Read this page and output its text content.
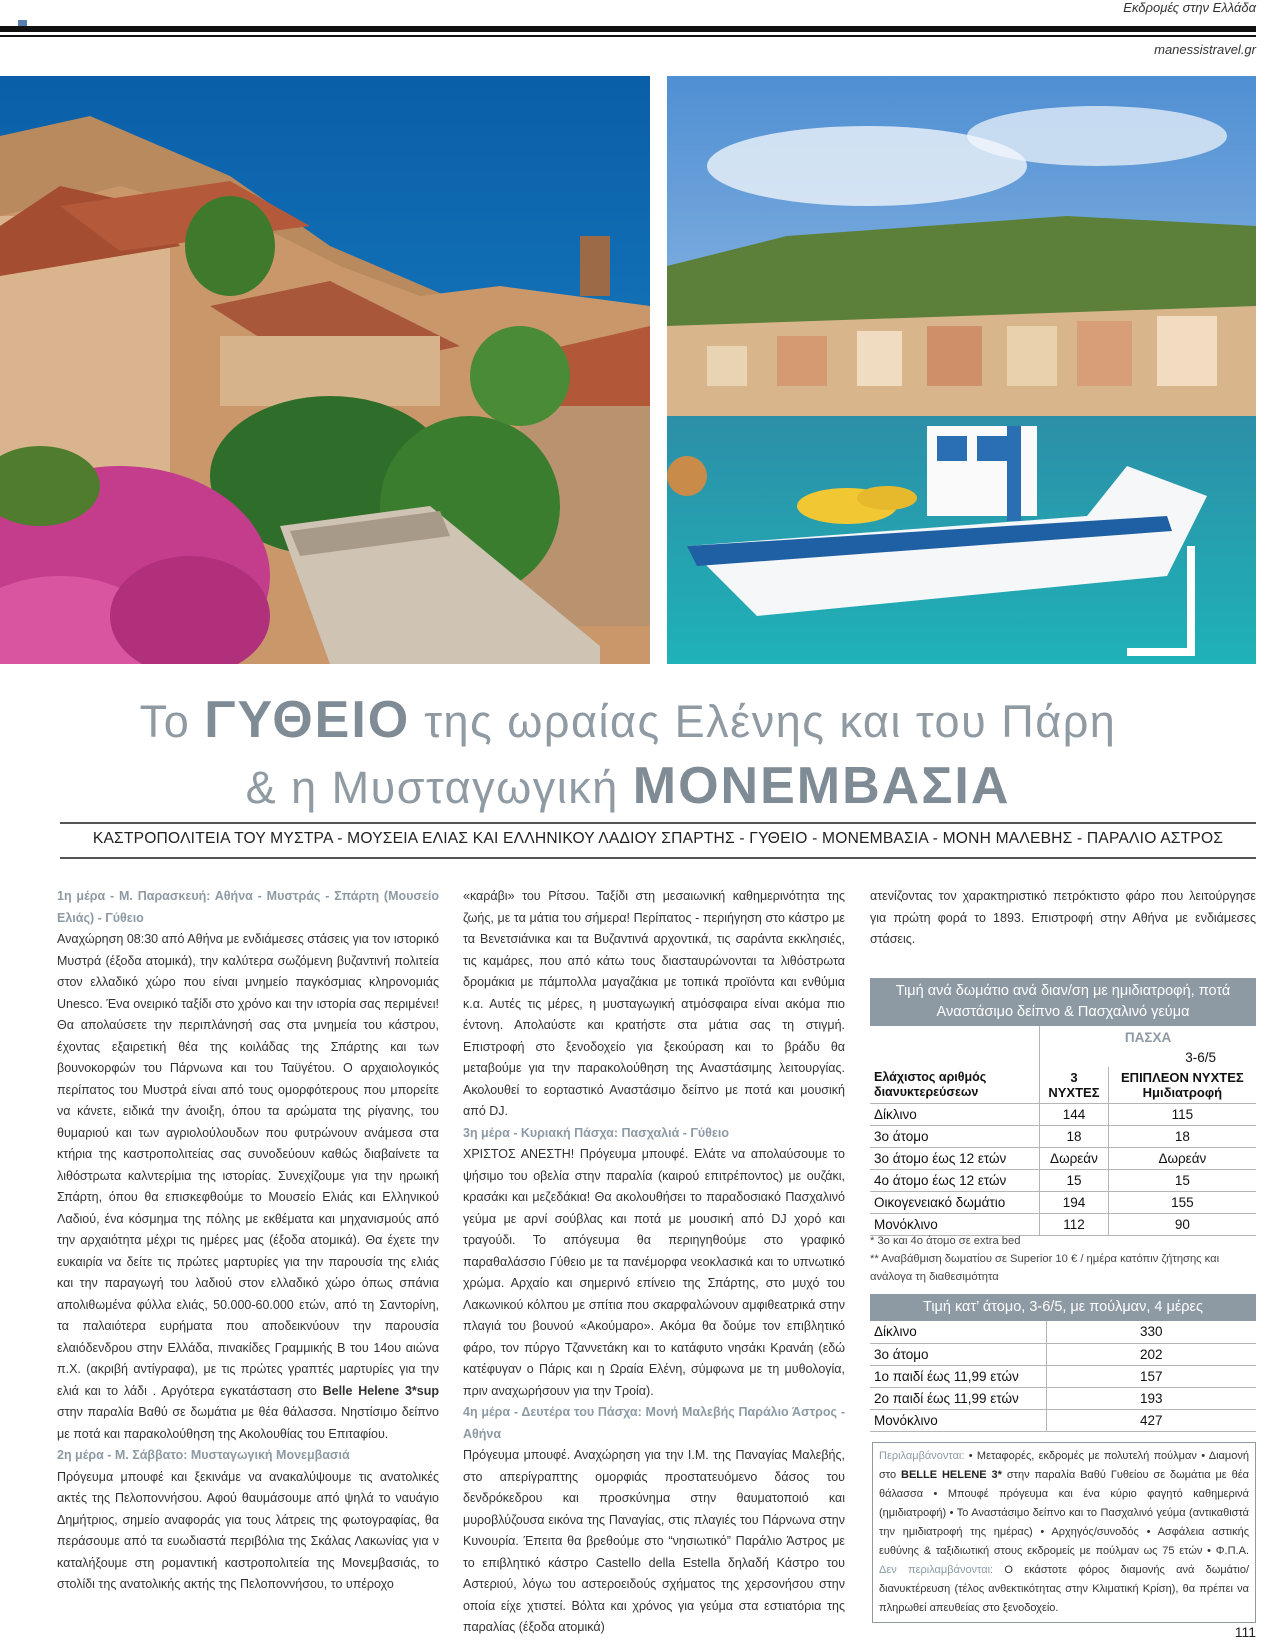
Εκδρομές στην Ελλάδα
manessistravel.gr
Το ΓΥΘΕΙΟ της ωραίας Ελένης και του Πάρη
& η Μυσταγωγική ΜΟΝΕΜΒΑΣΙΑ
ΚΑΣΤΡΟΠΟΛΙΤΕΙΑ ΤΟΥ ΜΥΣΤΡΑ - ΜΟΥΣΕΙΑ ΕΛΙΑΣ ΚΑΙ ΕΛΛΗΝΙΚΟΥ ΛΑΔΙΟΥ ΣΠΑΡΤΗΣ - ΓΥΘΕΙΟ - ΜΟΝΕΜΒΑΣΙΑ - ΜΟΝΗ ΜΑΛΕΒΗΣ - ΠΑΡΑΛΙΟ ΑΣΤΡΟΣ

1η μέρα - Μ. Παρασκευή: Αθήνα - Μυστράς - Σπάρτη (Μουσείο Ελιάς) - Γύθειο

Αναχώρηση 08:30 από Αθήνα με ενδιάμεσες στάσεις για τον ιστορικό Μυστρά (έξοδα ατομικά), την καλύτερα σωζόμενη βυζαντινή πολιτεία στον ελλαδικό χώρο που είναι μνημείο παγκόσμιας κληρονομιάς Unesco. Ένα ονειρικό ταξίδι στο χρόνο και την ιστορία σας περιμένει! Θα απολαύσετε την περιπλάνησή σας στα μνημεία του κάστρου, έχοντας εξαιρετική θέα της κοιλάδας της Σπάρτης και των βουνοκορφών του Πάρνωνα και του Ταϋγέτου. Ο αρχαιολογικός περίπατος του Μυστρά είναι από τους ομορφότερους που μπορείτε να κάνετε, ειδικά την άνοιξη, όπου τα αρώματα της ρίγανης, του θυμαριού και των αγριολούλουδων που φυτρώνουν ανάμεσα στα κτήρια της καστροπολιτείας σας συνοδεύουν καθώς διαβαίνετε τα λιθόστρωτα καλντερίμια της ιστορίας. Συνεχίζουμε για την ηρωική Σπάρτη, όπου θα επισκεφθούμε το Μουσείο Ελιάς και Ελληνικού Λαδιού, ένα κόσμημα της πόλης με εκθέματα και μηχανισμούς από την αρχαιότητα μέχρι τις ημέρες μας (έξοδα ατομικά). Θα έχετε την ευκαιρία να δείτε τις πρώτες μαρτυρίες για την παρουσία της ελιάς και την παραγωγή του λαδιού στον ελλαδικό χώρο όπως σπάνια απολιθωμένα φύλλα ελιάς, 50.000-60.000 ετών, από τη Σαντορίνη, τα παλαιότερα ευρήματα που αποδεικνύουν την παρουσία ελαιόδενδρου στην Ελλάδα, πινακίδες Γραμμικής Β του 14ου αιώνα π.Χ. (ακριβή αντίγραφα), με τις πρώτες γραπτές μαρτυρίες για την ελιά και το λάδι . Αργότερα εγκατάσταση στο Belle Helene 3*sup στην παραλία Βαθύ σε δωμάτια με θέα θάλασσα. Νηστίσιμο δείπνο με ποτά και παρακολούθηση της Ακολουθίας του Επιταφίου.

2η μέρα - Μ. Σάββατο: Μυσταγωγική Μονεμβασιά

Πρόγευμα μπουφέ και ξεκινάμε να ανακαλύψουμε τις ανατολικές ακτές της Πελοποννήσου. Αφού θαυμάσουμε από ψηλά το ναυάγιο Δημήτριος, σημείο αναφοράς για τους λάτρεις της φωτογραφίας, θα περάσουμε από τα ευωδιαστά περιβόλια της Σκάλας Λακωνίας για ν καταλήξουμε στη ρομαντική καστροπολιτεία της Μονεμβασιάς, το στολίδι της ανατολικής ακτής της Πελοποννήσου, το υπέροχο

«καράβι» του Ρίτσου. Ταξίδι στη μεσαιωνική καθημερινότητα της ζωής, με τα μάτια του σήμερα! Περίπατος - περιήγηση στο κάστρο με τα Βενετσιάνικα και τα Βυζαντινά αρχοντικά, τις σαράντα εκκλησιές, τις καμάρες, που από κάτω τους διασταυρώνονται τα λιθόστρωτα δρομάκια με πάμπολλα μαγαζάκια με τοπικά προϊόντα και ενθύμια κ.α. Αυτές τις μέρες, η μυσταγωγική ατμόσφαιρα είναι ακόμα πιο έντονη. Απολαύστε και κρατήστε στα μάτια σας τη στιγμή. Επιστροφή στο ξενοδοχείο για ξεκούραση και το βράδυ θα μεταβούμε για την παρακολούθηση της Αναστάσιμης λειτουργίας. Ακολουθεί το εορταστικό Αναστάσιμο δείπνο με ποτά και μουσική από DJ.

3η μέρα - Κυριακή Πάσχα: Πασχαλιά - Γύθειο

ΧΡΙΣΤΟΣ ΑΝΕΣΤΗ! Πρόγευμα μπουφέ. Ελάτε να απολαύσουμε το ψήσιμο του οβελία στην παραλία (καιρού επιτρέποντος) με ουζάκι, κρασάκι και μεζεδάκια! Θα ακολουθήσει το παραδοσιακό Πασχαλινό γεύμα με αρνί σούβλας και ποτά με μουσική από DJ χορό και τραγούδι. Το απόγευμα θα περιηγηθούμε στο γραφικό παραθαλάσσιο Γύθειο με τα πανέμορφα νεοκλασικά και το υπνωτικό χρώμα. Αρχαίο και σημερινό επίνειο της Σπάρτης, στο μυχό του Λακωνικού κόλπου με σπίτια που σκαρφαλώνουν αμφιθεατρικά στην πλαγιά του βουνού «Ακούμαρο». Ακόμα θα δούμε τον επιβλητικό φάρο, τον πύργο Τζαννετάκη και το κατάφυτο νησάκι Κρανάη (εδώ κατέφυγαν ο Πάρις και η Ωραία Ελένη, σύμφωνα με τη μυθολογία, πριν αναχωρήσουν για την Τροία).

4η μέρα - Δευτέρα του Πάσχα: Μονή Μαλεβής Παράλιο Άστρος - Αθήνα

Πρόγευμα μπουφέ. Αναχώρηση για την Ι.Μ. της Παναγίας Μαλεβής, στο απερίγραπτης ομορφιάς προστατευόμενο δάσος του δενδρόκεδρου και προσκύνημα στην θαυματοποιό και μυροβλύζουσα εικόνα της Παναγίας, στις πλαγιές του Πάρνωνα στην Κυνουρία. Έπειτα θα βρεθούμε στο “νησιωτικό” Παράλιο Άστρος με το επιβλητικό κάστρο Castello della Estella δηλαδή Κάστρο του Αστεριού, λόγω του αστεροειδούς σχήματος της χερσονήσου στην οποία είχε χτιστεί. Βόλτα και χρόνος για γεύμα στα εστιατόρια της παραλίας (έξοδα ατομικά)

ατενίζοντας τον χαρακτηριστικό πετρόκτιστο φάρο που λειτούργησε για πρώτη φορά το 1893. Επιστροφή στην Αθήνα με ενδιάμεσες στάσεις.
Τιμή ανά δωμάτιο ανά διαν/ση με ημιδιατροφή, ποτά Αναστάσιμο δείπνο & Πασχαλινό γεύμα		
	ΠΑΣΧΑ	
	3-6/5	
Ελάχιστος αριθμός διανυκτερεύσεων	3 ΝΥΧΤΕΣ	ΕΠΙΠΛΕΟΝ ΝΥΧΤΕΣ Ημιδιατροφή
Δίκλινο	144	115
3ο άτομο	18	18
3ο άτομο έως 12 ετών	Δωρεάν	Δωρεάν
4ο άτομο έως 12 ετών	15	15
Οικογενειακό δωμάτιο	194	155
Μονόκλινο	112	90
* 3ο και 4ο άτομο σε extra bed
** Αναβάθμιση δωματίου σε Superior 10 € / ημέρα κατόπιν ζήτησης και ανάλογα τη διαθεσιμότητα
Τιμή κατ’ άτομο, 3-6/5, με πούλμαν, 4 μέρες	
Δίκλινο	330
3ο άτομο	202
1ο παιδί έως 11,99 ετών	157
2ο παιδί έως 11,99 ετών	193
Μονόκλινο	427
Περιλαμβάνονται: • Μεταφορές, εκδρομές με πολυτελή πούλμαν • Διαμονή στο BELLE HELENE 3* στην παραλία Βαθύ Γυθείου σε δωμάτια με θέα θάλασσα • Μπουφέ πρόγευμα και ένα κύριο φαγητό καθημερινά (ημιδιατροφή) • Το Αναστάσιμο δείπνο και το Πασχαλινό γεύμα (αντικαθιστά την ημιδιατροφή της ημέρας) • Αρχηγός/συνοδός • Ασφάλεια αστικής ευθύνης & ταξιδιωτική στους εκδρομείς με πούλμαν ως 75 ετών • Φ.Π.Α. Δεν περιλαμβάνονται: Ο εκάστοτε φόρος διαμονής ανά δωμάτιο/ διανυκτέρευση (τέλος ανθεκτικότητας στην Κλιματική Κρίση), θα πρέπει να πληρωθεί απευθείας στο ξενοδοχείο.
111
